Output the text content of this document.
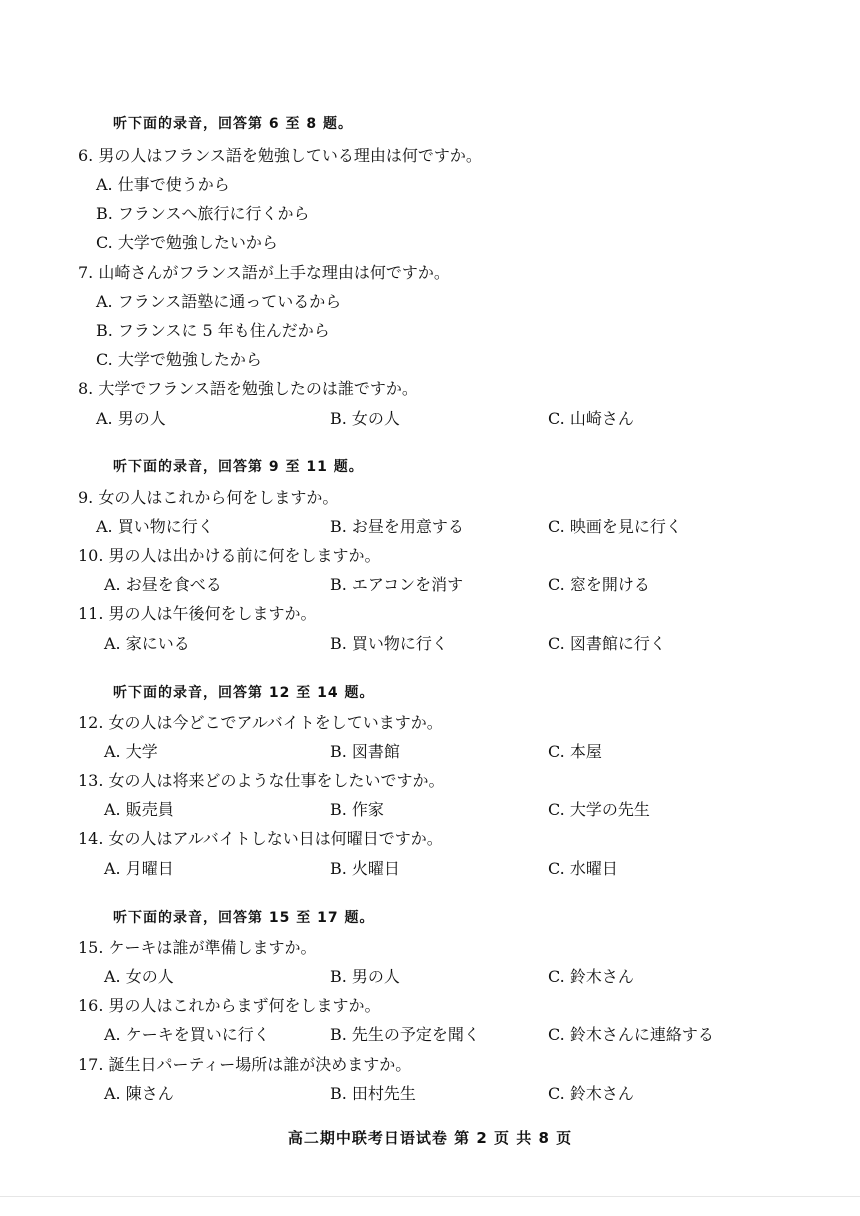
听下面的录音，回答第 6 至 8 题。
6. 男の人はフランス語を勉強している理由は何ですか。
A. 仕事で使うから
B. フランスへ旅行に行くから
C. 大学で勉強したいから
7. 山崎さんがフランス語が上手な理由は何ですか。
A. フランス語塾に通っているから
B. フランスに 5 年も住んだから
C. 大学で勉強したから
8. 大学でフランス語を勉強したのは誰ですか。
A. 男の人	B. 女の人	C. 山崎さん
听下面的录音，回答第 9 至 11 题。
9. 女の人はこれから何をしますか。
A. 買い物に行く	B. お昼を用意する	C. 映画を見に行く
10. 男の人は出かける前に何をしますか。
A. お昼を食べる	B. エアコンを消す	C. 窓を開ける
11. 男の人は午後何をしますか。
A. 家にいる	B. 買い物に行く	C. 図書館に行く
听下面的录音，回答第 12 至 14 题。
12. 女の人は今どこでアルバイトをしていますか。
A. 大学	B. 図書館	C. 本屋
13. 女の人は将来どのような仕事をしたいですか。
A. 販売員	B. 作家	C. 大学の先生
14. 女の人はアルバイトしない日は何曜日ですか。
A. 月曜日	B. 火曜日	C. 水曜日
听下面的录音，回答第 15 至 17 题。
15. ケーキは誰が準備しますか。
A. 女の人	B. 男の人	C. 鈴木さん
16. 男の人はこれからまず何をしますか。
A. ケーキを買いに行く	B. 先生の予定を聞く	C. 鈴木さんに連絡する
17. 誕生日パーティー場所は誰が決めますか。
A. 陳さん	B. 田村先生	C. 鈴木さん
高二期中联考日语试卷 第 2 页 共 8 页
